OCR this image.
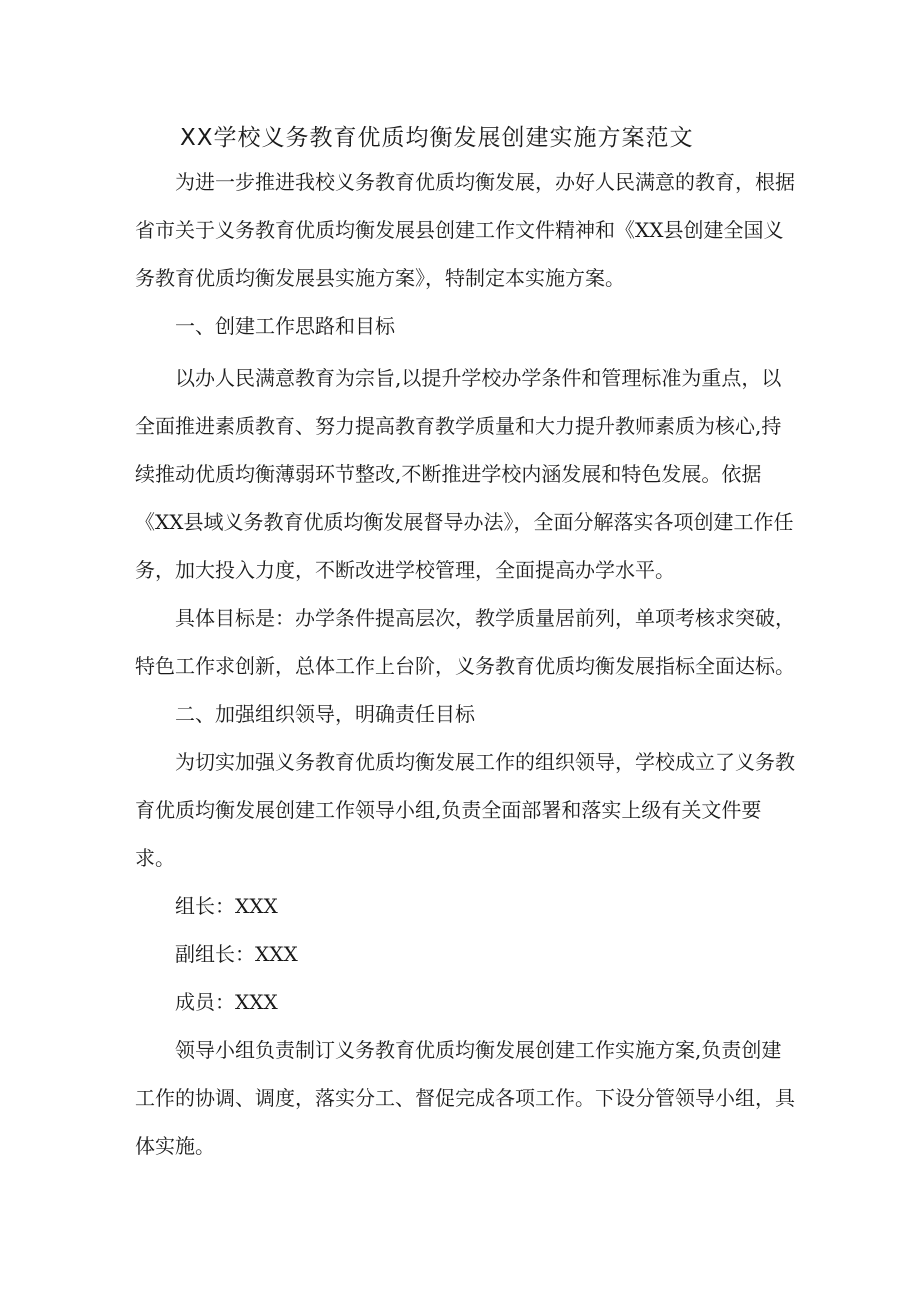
XX学校义务教育优质均衡发展创建实施方案范文

为进一步推进我校义务教育优质均衡发展，办好人民满意的教育，根据省市关于义务教育优质均衡发展县创建工作文件精神和《XX县创建全国义务教育优质均衡发展县实施方案》，特制定本实施方案。

一、创建工作思路和目标

以办人民满意教育为宗旨,以提升学校办学条件和管理标准为重点，以全面推进素质教育、努力提高教育教学质量和大力提升教师素质为核心,持续推动优质均衡薄弱环节整改,不断推进学校内涵发展和特色发展。依据《XX县域义务教育优质均衡发展督导办法》，全面分解落实各项创建工作任务，加大投入力度，不断改进学校管理，全面提高办学水平。

具体目标是：办学条件提高层次，教学质量居前列，单项考核求突破，特色工作求创新，总体工作上台阶，义务教育优质均衡发展指标全面达标。

二、加强组织领导，明确责任目标

为切实加强义务教育优质均衡发展工作的组织领导，学校成立了义务教育优质均衡发展创建工作领导小组,负责全面部署和落实上级有关文件要求。

组长：XXX

副组长：XXX

成员：XXX

领导小组负责制订义务教育优质均衡发展创建工作实施方案,负责创建工作的协调、调度，落实分工、督促完成各项工作。下设分管领导小组，具体实施。
